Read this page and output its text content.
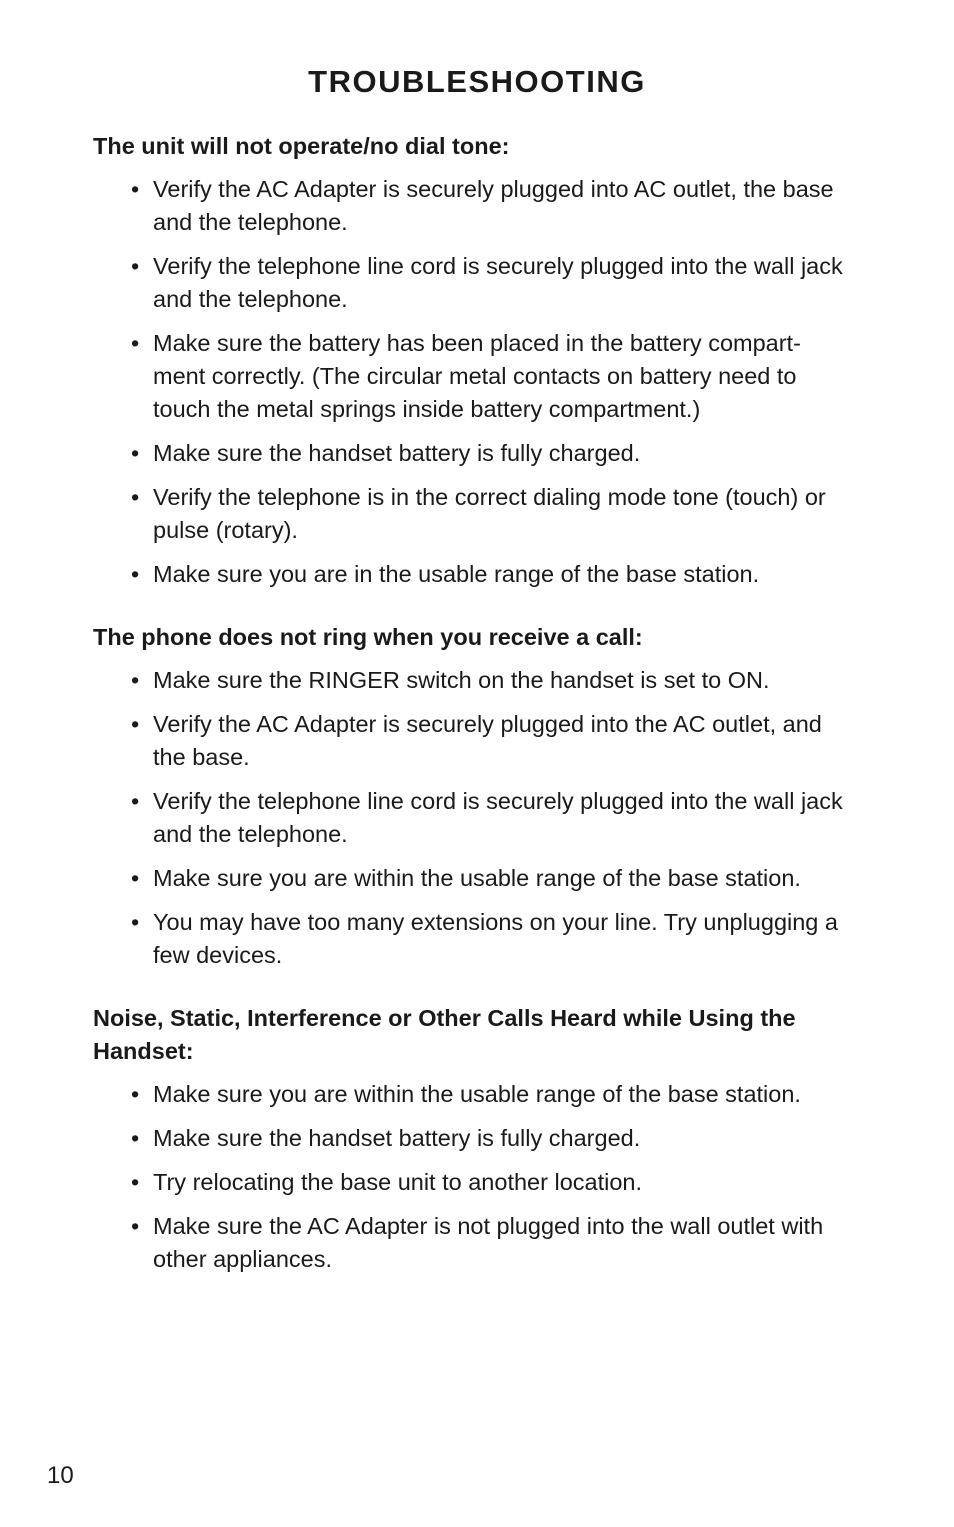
TROUBLESHOOTING
The unit will not operate/no dial tone:
• Verify the AC Adapter is securely plugged into AC outlet, the base and the telephone.
• Verify the telephone line cord is securely plugged into the wall jack and the telephone.
• Make sure the battery has been placed in the battery compart-ment correctly. (The circular metal contacts on battery need to touch the metal springs inside battery compartment.)
• Make sure the handset battery is fully charged.
• Verify the telephone is in the correct dialing mode tone (touch) or pulse (rotary).
• Make sure you are in the usable range of the base station.
The phone does not ring when you receive a call:
• Make sure the RINGER switch on the handset is set to ON.
• Verify the AC Adapter is securely plugged into the AC outlet, and the base.
• Verify the telephone line cord is securely plugged into the wall jack and the telephone.
• Make sure you are within the usable range of the base station.
• You may have too many extensions on your line. Try unplugging a few devices.
Noise, Static, Interference or Other Calls Heard while Using the Handset:
• Make sure you are within the usable range of the base station.
• Make sure the handset battery is fully charged.
• Try relocating the base unit to another location.
• Make sure the AC Adapter is not plugged into the wall outlet with other appliances.
10
